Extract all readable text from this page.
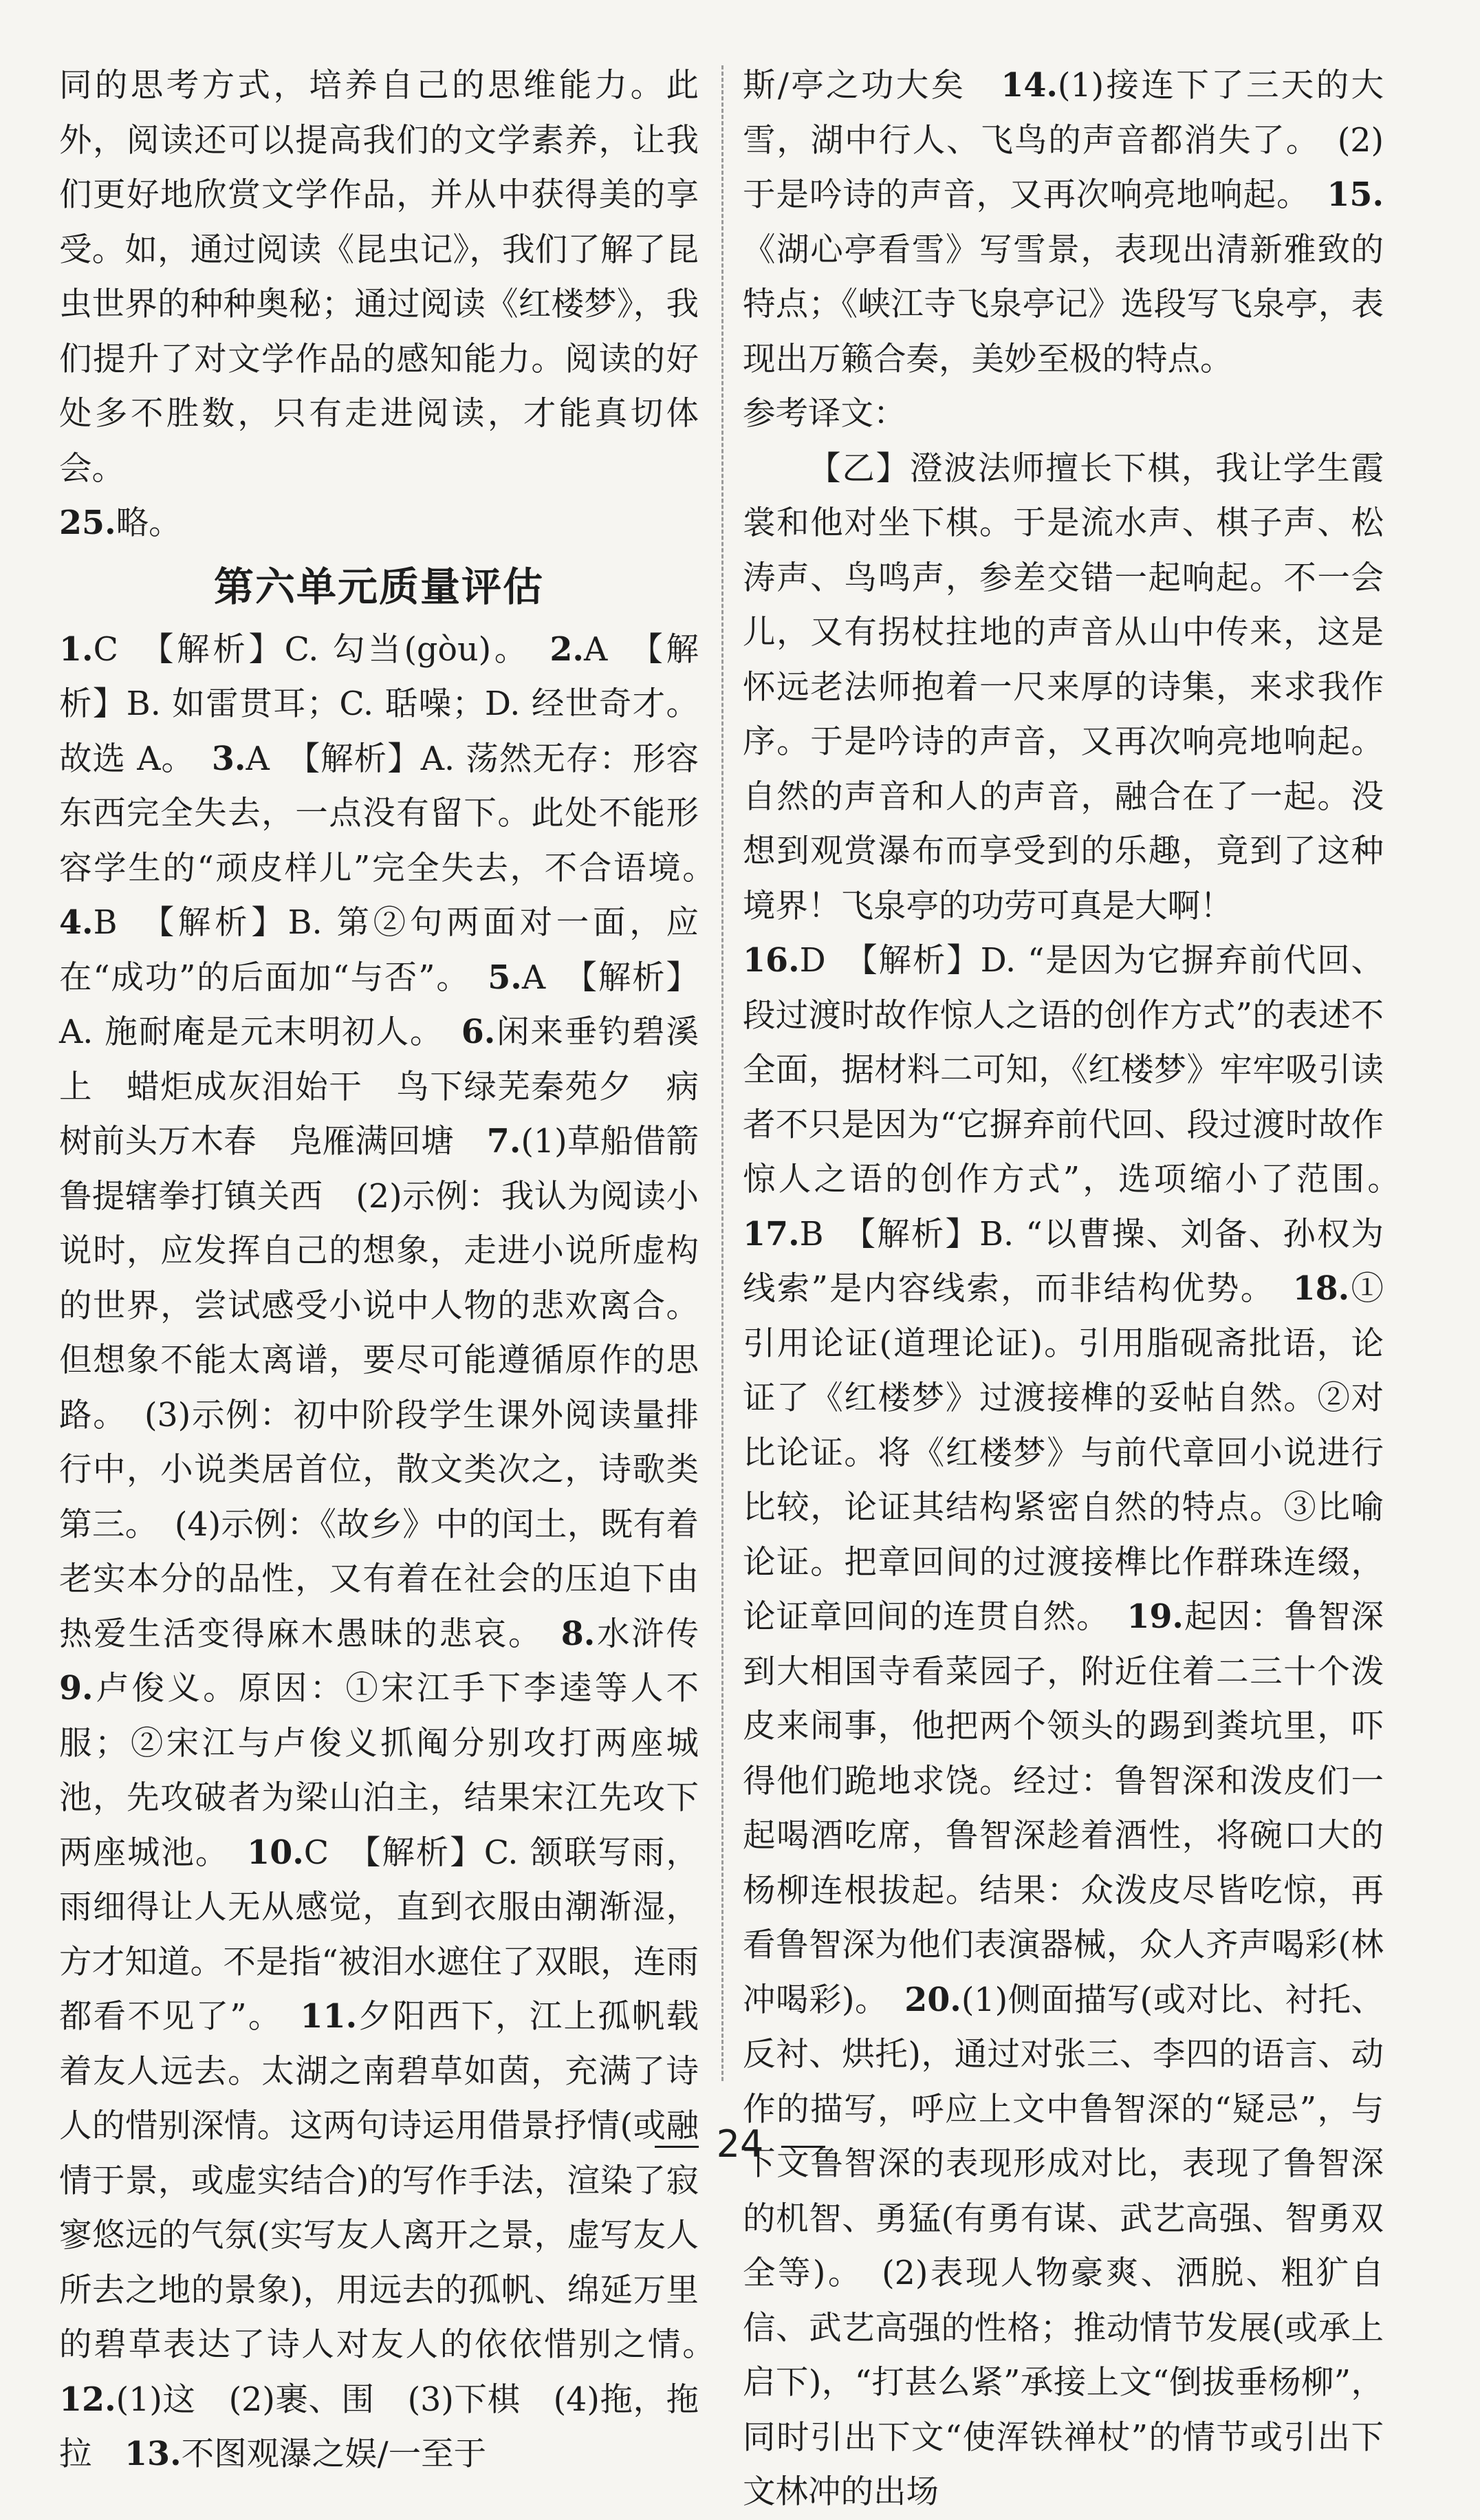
同的思考方式，培养自己的思维能力。此外，阅读还可以提高我们的文学素养，让我们更好地欣赏文学作品，并从中获得美的享受。如，通过阅读《昆虫记》，我们了解了昆虫世界的种种奥秘；通过阅读《红楼梦》，我们提升了对文学作品的感知能力。阅读的好处多不胜数，只有走进阅读，才能真切体会。

25.略。

第六单元质量评估

1.C　【解析】C. 勾当(gòu)。　2.A　【解析】B. 如雷贯耳；C. 聒噪；D. 经世奇才。故选 A。　3.A　【解析】A. 荡然无存：形容东西完全失去，一点没有留下。此处不能形容学生的“顽皮样儿”完全失去，不合语境。　4.B　【解析】B. 第②句两面对一面，应在“成功”的后面加“与否”。　5.A　【解析】A. 施耐庵是元末明初人。　6.闲来垂钓碧溪上　蜡炬成灰泪始干　鸟下绿芜秦苑夕　病树前头万木春　凫雁满回塘　7.(1)草船借箭　鲁提辖拳打镇关西　(2)示例：我认为阅读小说时，应发挥自己的想象，走进小说所虚构的世界，尝试感受小说中人物的悲欢离合。但想象不能太离谱，要尽可能遵循原作的思路。　(3)示例：初中阶段学生课外阅读量排行中，小说类居首位，散文类次之，诗歌类第三。　(4)示例：《故乡》中的闰土，既有着老实本分的品性，又有着在社会的压迫下由热爱生活变得麻木愚昧的悲哀。　8.水浒传　9.卢俊义。原因：①宋江手下李逵等人不服；②宋江与卢俊义抓阄分别攻打两座城池，先攻破者为梁山泊主，结果宋江先攻下两座城池。　10.C　【解析】C. 颔联写雨，雨细得让人无从感觉，直到衣服由潮渐湿，方才知道。不是指“被泪水遮住了双眼，连雨都看不见了”。　11.夕阳西下，江上孤帆载着友人远去。太湖之南碧草如茵，充满了诗人的惜别深情。这两句诗运用借景抒情(或融情于景，或虚实结合)的写作手法，渲染了寂寥悠远的气氛(实写友人离开之景，虚写友人所去之地的景象)，用远去的孤帆、绵延万里的碧草表达了诗人对友人的依依惜别之情。　12.(1)这　(2)裹、围　(3)下棋　(4)拖，拖拉　13.不图观瀑之娱/一至于

斯/亭之功大矣　14.(1)接连下了三天的大雪，湖中行人、飞鸟的声音都消失了。　(2)于是吟诗的声音，又再次响亮地响起。　15.《湖心亭看雪》写雪景，表现出清新雅致的特点；《峡江寺飞泉亭记》选段写飞泉亭，表现出万籁合奏，美妙至极的特点。

参考译文：

【乙】澄波法师擅长下棋，我让学生霞裳和他对坐下棋。于是流水声、棋子声、松涛声、鸟鸣声，参差交错一起响起。不一会儿，又有拐杖拄地的声音从山中传来，这是怀远老法师抱着一尺来厚的诗集，来求我作序。于是吟诗的声音，又再次响亮地响起。自然的声音和人的声音，融合在了一起。没想到观赏瀑布而享受到的乐趣，竟到了这种境界！飞泉亭的功劳可真是大啊！

16.D　【解析】D. “是因为它摒弃前代回、段过渡时故作惊人之语的创作方式”的表述不全面，据材料二可知，《红楼梦》牢牢吸引读者不只是因为“它摒弃前代回、段过渡时故作惊人之语的创作方式”，选项缩小了范围。　17.B　【解析】B. “以曹操、刘备、孙权为线索”是内容线索，而非结构优势。　18.①引用论证(道理论证)。引用脂砚斋批语，论证了《红楼梦》过渡接榫的妥帖自然。②对比论证。将《红楼梦》与前代章回小说进行比较，论证其结构紧密自然的特点。③比喻论证。把章回间的过渡接榫比作群珠连缀，论证章回间的连贯自然。　19.起因：鲁智深到大相国寺看菜园子，附近住着二三十个泼皮来闹事，他把两个领头的踢到粪坑里，吓得他们跪地求饶。经过：鲁智深和泼皮们一起喝酒吃席，鲁智深趁着酒性，将碗口大的杨柳连根拔起。结果：众泼皮尽皆吃惊，再看鲁智深为他们表演器械，众人齐声喝彩(林冲喝彩)。　20.(1)侧面描写(或对比、衬托、反衬、烘托)，通过对张三、李四的语言、动作的描写，呼应上文中鲁智深的“疑忌”，与下文鲁智深的表现形成对比，表现了鲁智深的机智、勇猛(有勇有谋、武艺高强、智勇双全等)。　(2)表现人物豪爽、洒脱、粗犷自信、武艺高强的性格；推动情节发展(或承上启下)，“打甚么紧”承接上文“倒拔垂杨柳”，同时引出下文“使浑铁禅杖”的情节或引出下文林冲的出场

24
